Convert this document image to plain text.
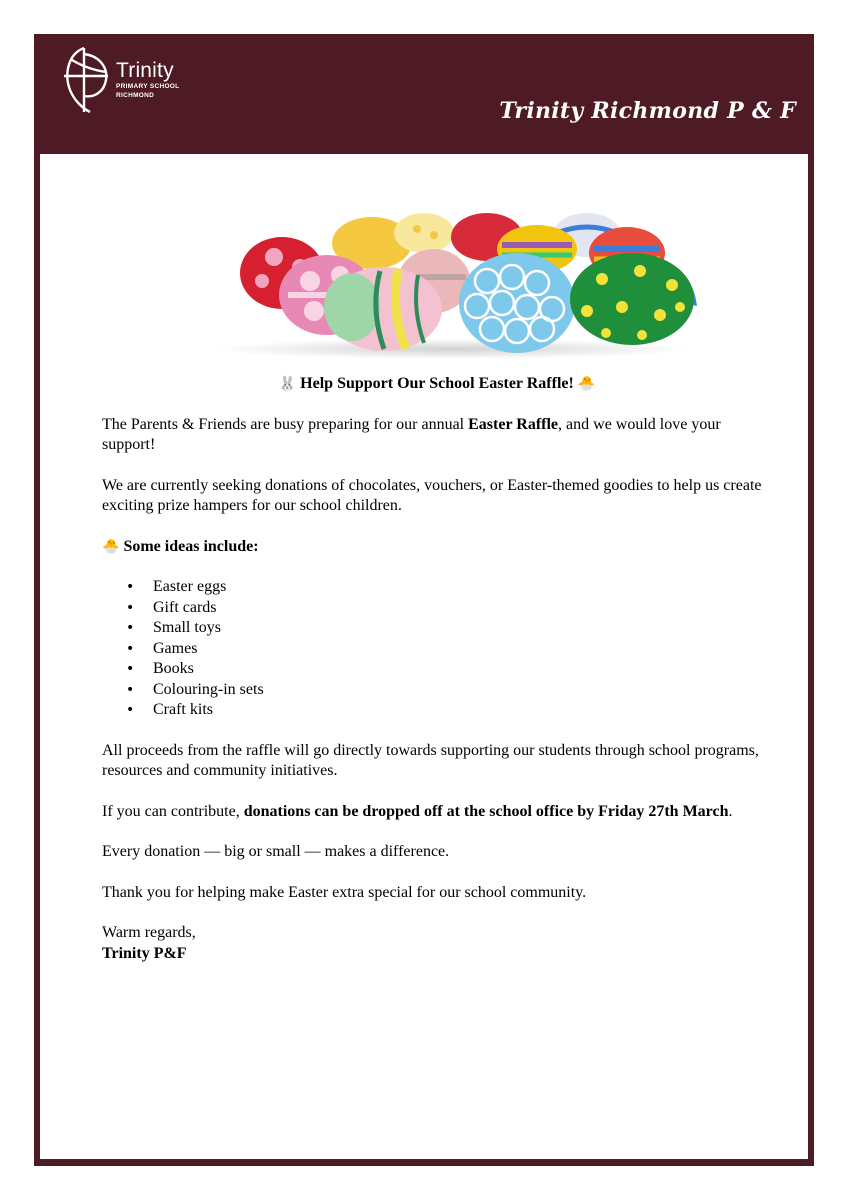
Trinity
PRIMARY SCHOOL
RICHMOND
Trinity Richmond P & F
🐰 Help Support Our School Easter Raffle! 🐣

The Parents & Friends are busy preparing for our annual Easter Raffle, and we would love your support!

We are currently seeking donations of chocolates, vouchers, or Easter-themed goodies to help us create exciting prize hampers for our school children.

🐣 Some ideas include:
• Easter eggs
• Gift cards
• Small toys
• Games
• Books
• Colouring-in sets
• Craft kits

All proceeds from the raffle will go directly towards supporting our students through school programs, resources and community initiatives.

If you can contribute, donations can be dropped off at the school office by Friday 27th March.

Every donation — big or small — makes a difference.

Thank you for helping make Easter extra special for our school community.

Warm regards,
Trinity P&F
